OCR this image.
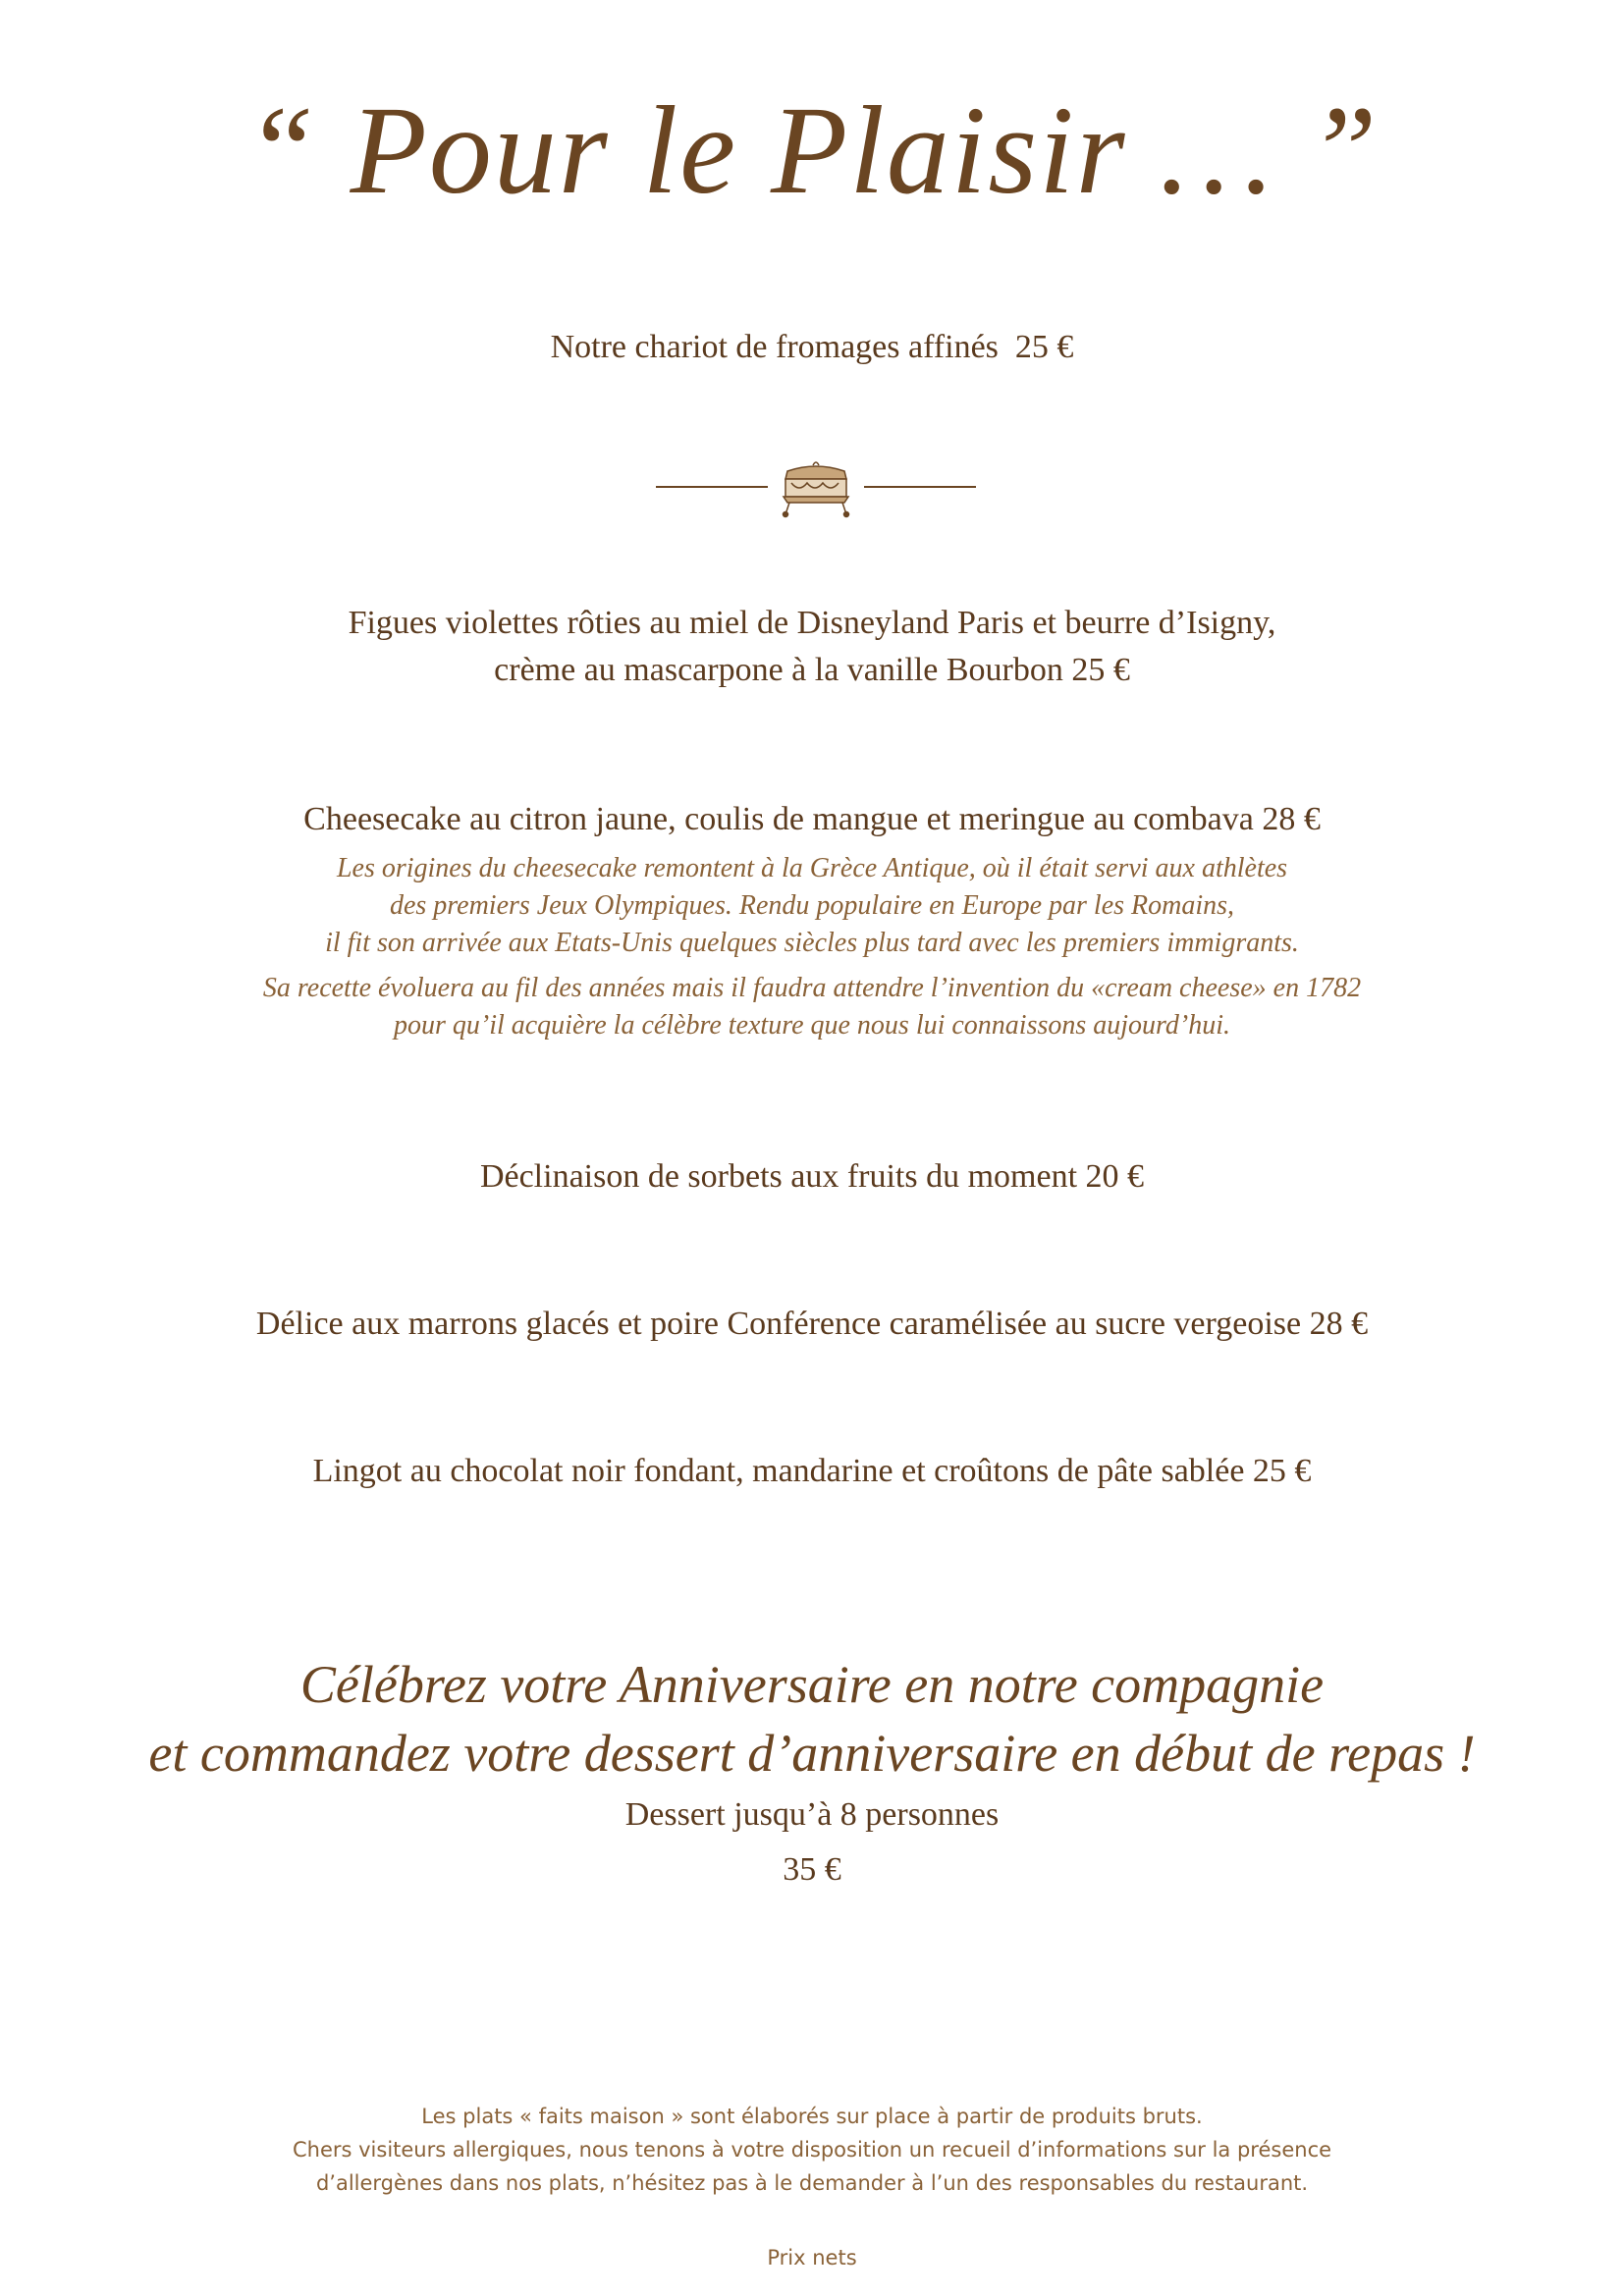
“ Pour le Plaisir … ”
Notre chariot de fromages affinés 25 €
Figues violettes rôties au miel de Disneyland Paris et beurre d’Isigny,
crème au mascarpone à la vanille Bourbon 25 €
Cheesecake au citron jaune, coulis de mangue et meringue au combava 28 €
Les origines du cheesecake remontent à la Grèce Antique, où il était servi aux athlètes
des premiers Jeux Olympiques. Rendu populaire en Europe par les Romains,
il fit son arrivée aux Etats-Unis quelques siècles plus tard avec les premiers immigrants.
Sa recette évoluera au fil des années mais il faudra attendre l’invention du «cream cheese» en 1782
pour qu’il acquière la célèbre texture que nous lui connaissons aujourd’hui.
Déclinaison de sorbets aux fruits du moment 20 €
Délice aux marrons glacés et poire Conférence caramélisée au sucre vergeoise 28 €
Lingot au chocolat noir fondant, mandarine et croûtons de pâte sablée 25 €
Célébrez votre Anniversaire en notre compagnie
et commandez votre dessert d’anniversaire en début de repas !
Dessert jusqu’à 8 personnes
35 €
Les plats « faits maison » sont élaborés sur place à partir de produits bruts.
Chers visiteurs allergiques, nous tenons à votre disposition un recueil d’informations sur la présence
d’allergènes dans nos plats, n’hésitez pas à le demander à l’un des responsables du restaurant.
Prix nets
